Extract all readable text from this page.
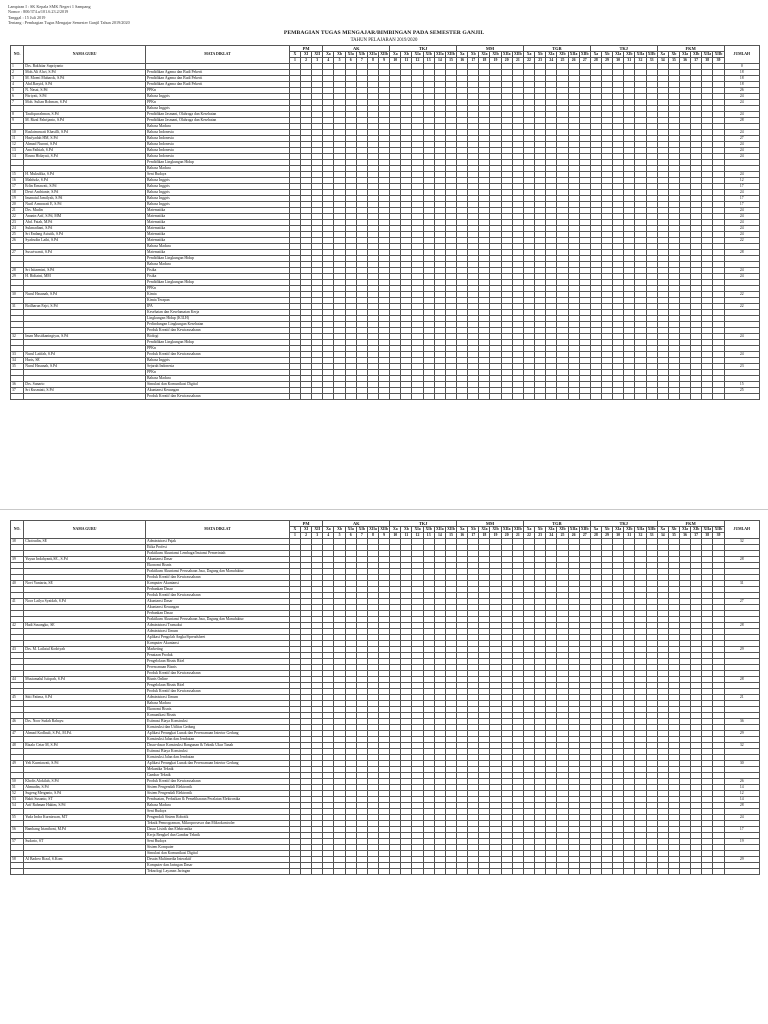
Lampiran I : SK Kepala SMK Negeri 1 Sampang
Nomor : 800/374.a/101.6.23.2/2019
Tanggal : 15 Juli 2019
Tentang : Pembagian Tugas Mengajar Semester Ganjil Tahun 2019/2020
PEMBAGIAN TUGAS MENGAJAR/BIMBINGAN PADA SEMESTER GANJIL
TAHUN PELAJARAN 2019/2020
NO.	NAMA GURU	MATA DIKLAT	PM			AK						TKJ						MM						TGB						TKJ						FKM						JUMLAH
			X	XI	XII	Xa	Xb	XIa	XIb	XIIa	XIIb	Xa	Xb	XIa	XIb	XIIa	XIIb	Xa	Xb	XIa	XIb	XIIa	XIIb	Xa	Xb	XIa	XIb	XIIa	XIIb	Xa	Xb	XIa	XIb	XIIa	XIIb	Xa	Xb	XIa	XIb	XIIa	XIIb	
			1	2	3	4	5	6	7	8	9	10	11	12	13	14	15	16	17	18	19	20	21	22	23	24	25	26	27	28	29	30	31	32	33	34	35	36	37	38	39	
1	Drs. Bakhtiar Supriyanto																																									0
2	Moh.Ali Alwi, S.Pd	Pendidikan Agama dan Budi Pekerti																																								18
3	M. Moeni Mubarok, S.Pd	Pendidikan Agama dan Budi Pekerti																																								18
4	Abd.Rasyid, S.Pd	Pendidikan Agama dan Budi Pekerti																																								18
5	N. Nasai, S.Pd	PPKn																																								26
6	Fitriyati, S.Pd	Bahasa Inggris																																								24
7	Moh. Sultan Rohman, S.Pd	PPKn																																								24
		Bahasa Inggris																																								
8	Taufiqurrahman, S.Pd	Pendidikan Jasmani, Olahraga dan Kesehatan																																								24
9	M. Rizal Fahrijanto, S.Pd	Pendidikan Jasmani, Olahraga dan Kesehatan																																								28
		Bahasa Madura																																								
10	Ruslaimawati Khasilli, S.Pd	Bahasa Indonesia																																								24
11	Hasfyadah HM, S.Pd	Bahasa Indonesia																																								27
12	Ahmad Nuroni, S.Pd	Bahasa Indonesia																																								24
13	Ana Fathiah, S.Pd	Bahasa Indonesia																																								24
14	Rosna Hidayati, S.Pd	Bahasa Indonesia																																								24
		Pendidikan Lingkungan Hidup																																								
		Bahasa Madura																																								
15	H. Muksdika, S.Pd	Seni Budaya																																								24
16	Mahfudz, S.Pd	Bahasa Inggris																																								12
17	Erlin Ernawati, S.Pd	Bahasa Inggris																																								17
18	Dewi Andrianie, S.Pd	Bahasa Inggris																																								24
19	Imanatul Jamilyah, S.Pd	Bahasa Inggris																																								17
20	Nuril Armawati E, S.Pd	Bahasa Inggris																																								17
21	Drs. Mudin	Matematika																																								24
22	Ananin Arif, S.Pd, MM	Matematika																																								24
23	Abd. Fatah, M.Pd	Matematika																																								24
24	Sukmadiani, S.Pd	Matematika																																								24
25	Sri Endang Astutik, S.Pd	Matematika																																								24
26	Syafrudin Lathi, S.Pd	Matematika																																								22
		Bahasa Madura																																								
27	Suswiwanti, S.Pd	Matematika																																								28
		Pendidikan Lingkungan Hidup																																								
		Bahasa Madura																																								
28	Sri Istiarmini, S.Pd	Fisika																																								24
29	H. Ridtaini, MM	Fisika																																								24
		Pendidikan Lingkungan Hidup																																								
		PPKn																																								
30	Nurul Hasanah, S.Pd	Kimia																																								22
		Kimia Terapan																																								
31	Boilharun Fajri, S.Pd	IPA																																								22
		Kesehatan dan Keselamatan Kerja																																								
		Lingkungan Hidup (K3LH)																																								
		Perlindungan Lingkungan Kesehatan																																								
		Produk Kreatif dan Kewirausahaan																																								
32	Iman Mustikaningtyas, S.Pd	Biologi																																								24
		Pendidikan Lingkungan Hidup																																								
		PPKn																																								
33	Nurul Latifah, S.Pd	Produk Kreatif dan Kewirausahaan																																								24
34	Haris, SE	Bahasa Inggris																																								
35	Nurul Hasanah, S.Pd	Sejarah Indonesia																																								23
		PPKn																																								
		Bahasa Madura																																								
36	Drs. Sunarto	Simulasi dan Komunikasi Digital																																								15
37	Sri Kusmiati, S.Pd	Akuntansi Keuangan																																								25
		Produk Kreatif dan Kewirausahaan																																								
NO.	NAMA GURU	MATA DIKLAT	PM			AK						TKJ						MM						TGB						TKJ						FKM						JUMLAH
			X	XI	XII	Xa	Xb	XIa	XIb	XIIa	XIIb	Xa	Xb	XIa	XIb	XIIa	XIIb	Xa	Xb	XIa	XIb	XIIa	XIIb	Xa	Xb	XIa	XIb	XIIa	XIIb	Xa	Xb	XIa	XIb	XIIa	XIIb	Xa	Xb	XIa	XIb	XIIa	XIIb	
			1	2	3	4	5	6	7	8	9	10	11	12	13	14	15	16	17	18	19	20	21	22	23	24	25	26	27	28	29	30	31	32	33	34	35	36	37	38	39	
38	Choirudin, SE	Administrasi Pajak																																								32
		Etika Profesi																																								
		Praktikum Akuntansi Lembaga/Instansi Pemerintah																																								
39	Yuyun Indahyanti,SE., S.Pd	Akuntansi Dasar																																								28
		Ekonomi Bisnis																																								
		Praktikum Akuntansi Perusahaan Jasa, Dagang dan Manufaktur																																								
		Produk Kreatif dan Kewirausahaan																																								
40	Novi Yuniarta, SE	Komputer Akuntansi																																								31
		Perbankan Dasar																																								
		Produk Kreatif dan Kewirausahaan																																								
41	Noor Lailya Syaidah, S.Pd	Akuntansi Dasar																																								27
		Akuntansi Keuangan																																								
		Perbankan Dasar																																								
		Praktikum Akuntansi Perusahaan Jasa, Dagang dan Manufaktur																																								
42	Hadi Susangko, SE	Administrasi Transaksi																																								28
		Administrasi Umum																																								
		Aplikasi Pengolah Angka/Spreadsheet																																								
		Komputer Akuntansi																																								
43	Drs. M. Lailatul Kodriyah	Marketing																																								29
		Penataan Produk																																								
		Pengelolaan Bisnis Ritel																																								
		Perencanaan Bisnis																																								
		Produk Kreatif dan Kewirausahaan																																								
44	Mustamalul Istiqrah, S.Pd	Bisnis Online																																								28
		Pengelolaan Bisnis Ritel																																								
		Produk Kreatif dan Kewirausahaan																																								
45	Sitti Fatima, S.Pd	Administrasi Umum																																								21
		Bahasa Madura																																								
		Ekonomi Bisnis																																								
		Komunikasi Bisnis																																								
46	Drs. Noor Sudah Rahayu	Estimasi Biaya Konstruksi																																								36
		Konstruksi dan Utilitas Gedung																																								
47	Ahmad Kodlauli, S.Pd., M.Pd.	Aplikasi Perangkat Lunak dan Perencanaan Interior Gedung																																								29
		Konstruksi Jalan dan Jembatan																																								
48	Rizalo Cetar M, S.Pd	Dasar-dasar Konstruksi Bangunan & Teknik Ukur Tanah																																								32
		Estimasi Biaya Konstruksi																																								
		Konstruksi Jalan dan Jembatan																																								
49	Yeli Kurniawati, S.Pd	Aplikasi Perangkat Lunak dan Perencanaan Interior Gedung																																								30
		Mekanika Teknik																																								
		Gambar Teknik																																								
50	Khofis Alokilah, S.Pd	Produk Kreatif dan Kewirausahaan																																								26
51	Ahmudin, S.Pd	Sistem Pengendali Elektronik																																								14
52	Sugeng Merganto, S.Pd	Sistem Pengendali Elektronik																																								12
53	Bakti Susanto, ST	Pembuatan, Perbaikan & Pemeliharaan Peralatan Elektronika																																								14
54	Arif Rahman Hakim, S.Pd	Bahasa Madura																																								28
		Seni Budaya																																								
55	Yuda Indra Kurniawan, MT	Pengendali Sistem Robotik																																								24
		Teknik Pemrograman, Mikroprosesor dan Mikrokontroler																																								
56	Bambang Irianthoni, M.Pd	Dasar Listrik dan Elektronika																																								17
		Kerja Bengkel dan Gambar Teknik																																								
57	Sudarto, ST	Seni Budaya																																								19
		Sistem Komputer																																								
		Simulasi dan Komunikasi Digital																																								
58	Al Badreo Rizal, S.Kom	Desain Multimedia Interaktif																																								29
		Komputer dan Jaringan Dasar																																								
		Teknologi Layanan Jaringan																																								
